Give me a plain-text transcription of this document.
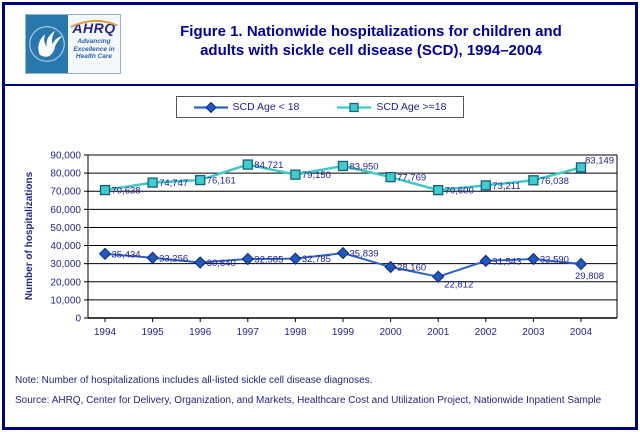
AHRQ
Advancing
Excellence in
Health Care
Figure 1. Nationwide hospitalizations for children and
adults with sickle cell disease (SCD), 1994–2004
SCD Age < 18	SCD Age >=18
0
10,000
20,000
30,000
40,000
50,000
60,000
70,000
80,000
90,000
1994	1995	1996	1997	1998	1999	2000	2001	2002	2003	2004
35,434 33,256 30,640 32,585 32,785
35,839
28,160
22,812
31,543 32,590
29,808
70,638
74,747 76,161
84,721
79,150
83,950
77,769
70,600 73,211 76,038
83,149
Number of hospitalizations
Note: Number of hospitalizations includes all-listed sickle cell disease diagnoses.
Source: AHRQ, Center for Delivery, Organization, and Markets, Healthcare Cost and Utilization Project, Nationwide Inpatient Sample
